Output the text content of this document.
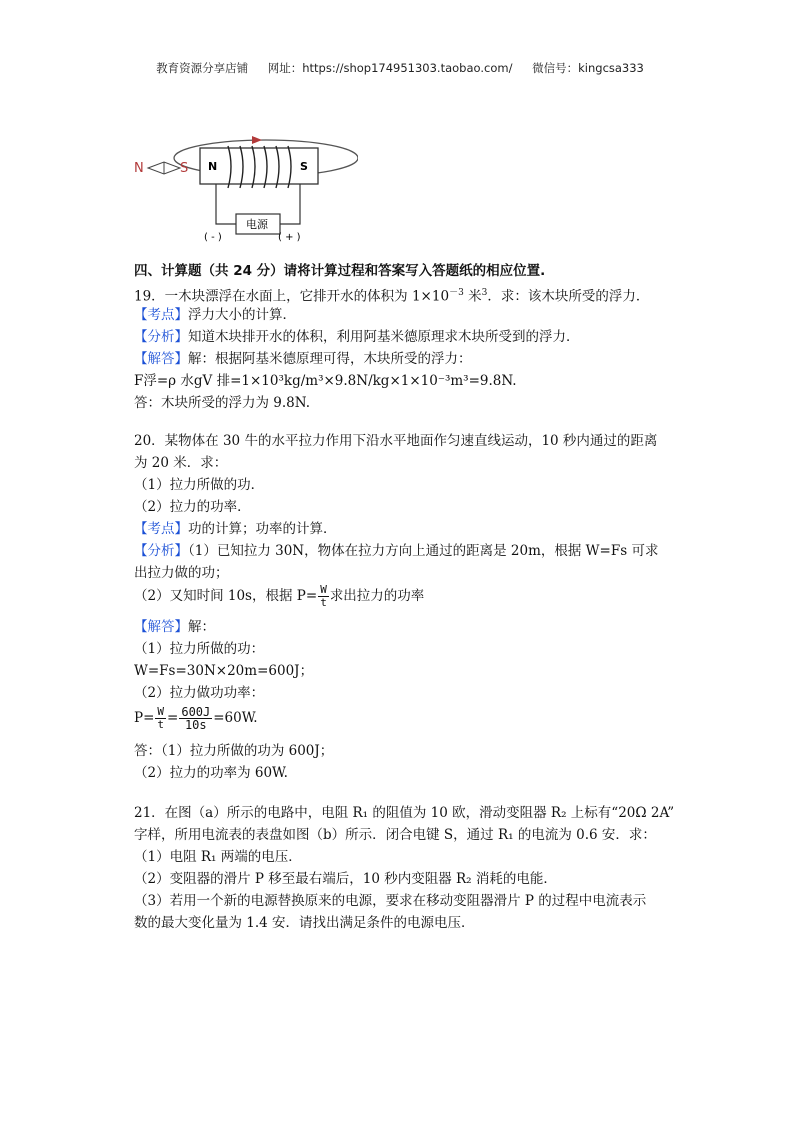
教育资源分享店铺 网址：https://shop174951303.taobao.com/ 微信号：kingcsa333
N	S N	S
电源
( - )	( + )
四、计算题（共 24 分）请将计算过程和答案写入答题纸的相应位置.
19．一木块漂浮在水面上，它排开水的体积为 $1\times 10^{-3}$ 米$^3$．求：该木块所受的浮力．
【考点】浮力大小的计算．
【分析】知道木块排开水的体积，利用阿基米德原理求木块所受到的浮力．
【解答】解：根据阿基米德原理可得，木块所受的浮力：
F浮=ρ 水gV 排=1×10³kg/m³×9.8N/kg×1×10⁻³m³=9.8N.
答：木块所受的浮力为 9.8N.
20．某物体在 30 牛的水平拉力作用下沿水平地面作匀速直线运动，10 秒内通过的距离
为 20 米．求：
（1）拉力所做的功．
（2）拉力的功率．
【考点】功的计算；功率的计算．
【分析】（1）已知拉力 30N，物体在拉力方向上通过的距离是 20m，根据 W=Fs 可求
出拉力做的功；
（2）又知时间 10s，根据 $P= \frac{W}{t}$ 求出拉力的功率
【解答】解：
（1）拉力所做的功：
W=Fs=30N×20m=600J；
（2）拉力做功功率：
$P= \frac{W}{t} = \frac{600J}{10s} =60W$.
答：（1）拉力所做的功为 600J；
（2）拉力的功率为 60W.
21．在图（a）所示的电路中，电阻 R₁ 的阻值为 10 欧，滑动变阻器 R₂ 上标有“20Ω 2A”
字样，所用电流表的表盘如图（b）所示．闭合电键 S，通过 R₁ 的电流为 0.6 安．求：
（1）电阻 R₁ 两端的电压．
（2）变阻器的滑片 P 移至最右端后，10 秒内变阻器 R₂ 消耗的电能．
（3）若用一个新的电源替换原来的电源，要求在移动变阻器滑片 P 的过程中电流表示
数的最大变化量为 1.4 安．请找出满足条件的电源电压．
